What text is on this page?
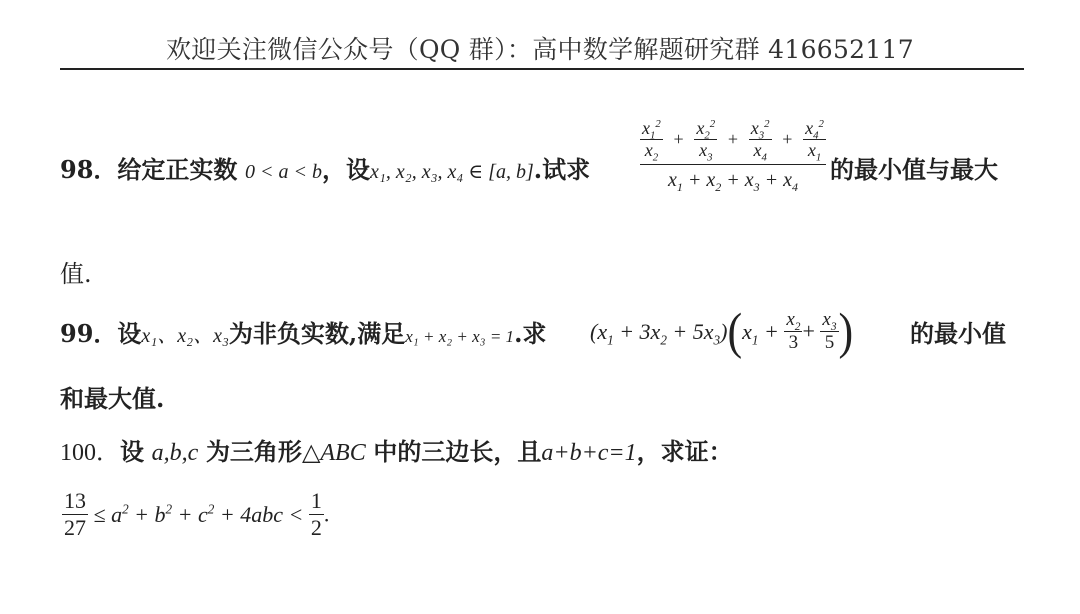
欢迎关注微信公众号（QQ 群）：高中数学解题研究群 416652117
98．给定正实数 0 < a < b，设x₁, x₂, x₃, x₄ ∈ [a, b].试求
$\frac{x_1^2}{x_2} + \frac{x_2^2}{x_3} + \frac{x_3^2}{x_4} + \frac{x_4^2}{x_1}$
$x_1 + x_2 + x_3 + x_4$
的最小值与最大
值.
99．设x₁、x₂、x₃为非负实数,满足x₁ + x₂ + x₃ = 1.求 $(x_1 + 3x_2 + 5x_3)(x_1 + \frac{x_2}{3} + \frac{x_3}{5}$ ) 的最小值
和最大值.
100．设 a,b,c 为三角形△ABC 中的三边长，且a+b+c=1，求证：
$\frac{13}{27} \le a^2 + b^2 + c^2 + 4abc < \frac{1}{2}$ .
